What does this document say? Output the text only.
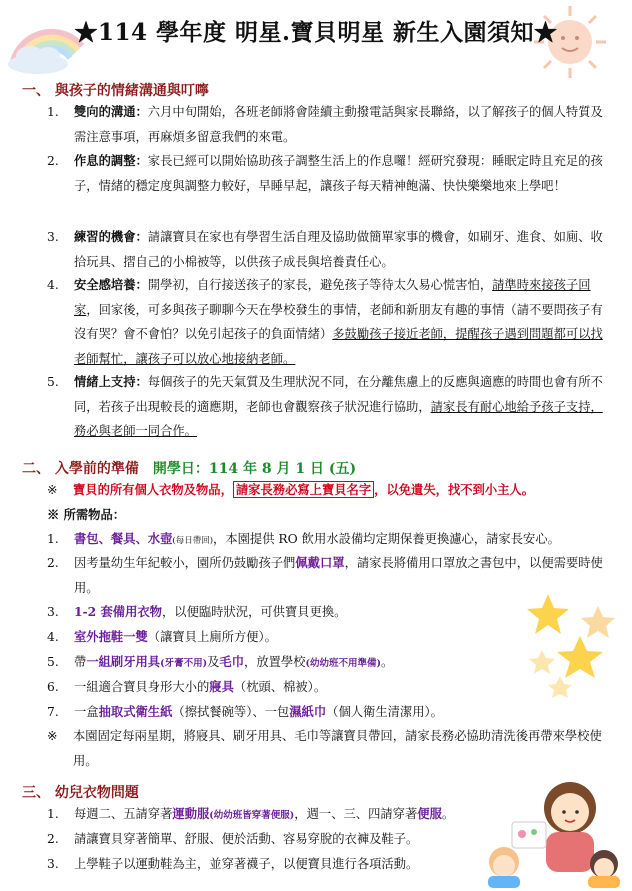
★114 學年度 明星.寶貝明星 新生入園須知★
一、 與孩子的情緒溝通與叮嚀
1.	雙向的溝通：六月中旬開始，各班老師將會陸續主動撥電話與家長聯絡，以了解孩子的個人特質及需注意事項，再麻煩多留意我們的來電。
2.	作息的調整：家長已經可以開始協助孩子調整生活上的作息囉！經研究發現：睡眠定時且充足的孩子，情緒的穩定度與調整力較好，早睡早起，讓孩子每天精神飽滿、快快樂樂地來上學吧！
3.	練習的機會：請讓寶貝在家也有學習生活自理及協助做簡單家事的機會，如刷牙、進食、如廁、收拾玩具、摺自己的小棉被等，以供孩子成長與培養責任心。
4.	安全感培養：開學初，自行接送孩子的家長，避免孩子等待太久易心慌害怕，請準時來接孩子回家，回家後，可多與孩子聊聊今天在學校發生的事情，老師和新朋友有趣的事情（請不要問孩子有沒有哭？會不會怕？以免引起孩子的負面情緒）多鼓勵孩子接近老師，提醒孩子遇到問題都可以找老師幫忙，讓孩子可以放心地接納老師。
5.	情緒上支持：每個孩子的先天氣質及生理狀況不同，在分離焦慮上的反應與適應的時間也會有所不同，若孩子出現較長的適應期，老師也會觀察孩子狀況進行協助，請家長有耐心地給予孩子支持，務必與老師一同合作。
二、 入學前的準備 開學日：114 年 8 月 1 日 (五)
※ 寶貝的所有個人衣物及物品， 請家長務必寫上寶貝名字 ，以免遺失，找不到小主人。
※ 所需物品：
1.	書包、餐具、水壺(每日帶回)，本園提供 RO 飲用水設備均定期保養更換濾心，請家長安心。
2.	因考量幼生年紀較小，園所仍鼓勵孩子們佩戴口罩，請家長將備用口罩放之書包中，以便需要時使用。
3.	1-2 套備用衣物，以便臨時狀況，可供寶貝更換。
4.	室外拖鞋一雙（讓寶貝上廁所方便）。
5.	帶一組刷牙用具(牙膏不用)及毛巾，放置學校(幼幼班不用準備)。
6.	一組適合寶貝身形大小的寢具（枕頭、棉被）。
7.	一盒抽取式衛生紙（擦拭餐碗等）、一包濕紙巾（個人衛生清潔用）。
※ 本園固定每兩星期，將寢具、刷牙用具、毛巾等讓寶貝帶回，請家長務必協助清洗後再帶來學校使用。
三、 幼兒衣物問題
1.	每週二、五請穿著運動服(幼幼班皆穿著便服)，週一、三、四請穿著便服。
2.	請讓寶貝穿著簡單、舒服、便於活動、容易穿脫的衣褲及鞋子。
3.	上學鞋子以運動鞋為主，並穿著襪子，以便寶貝進行各項活動。
